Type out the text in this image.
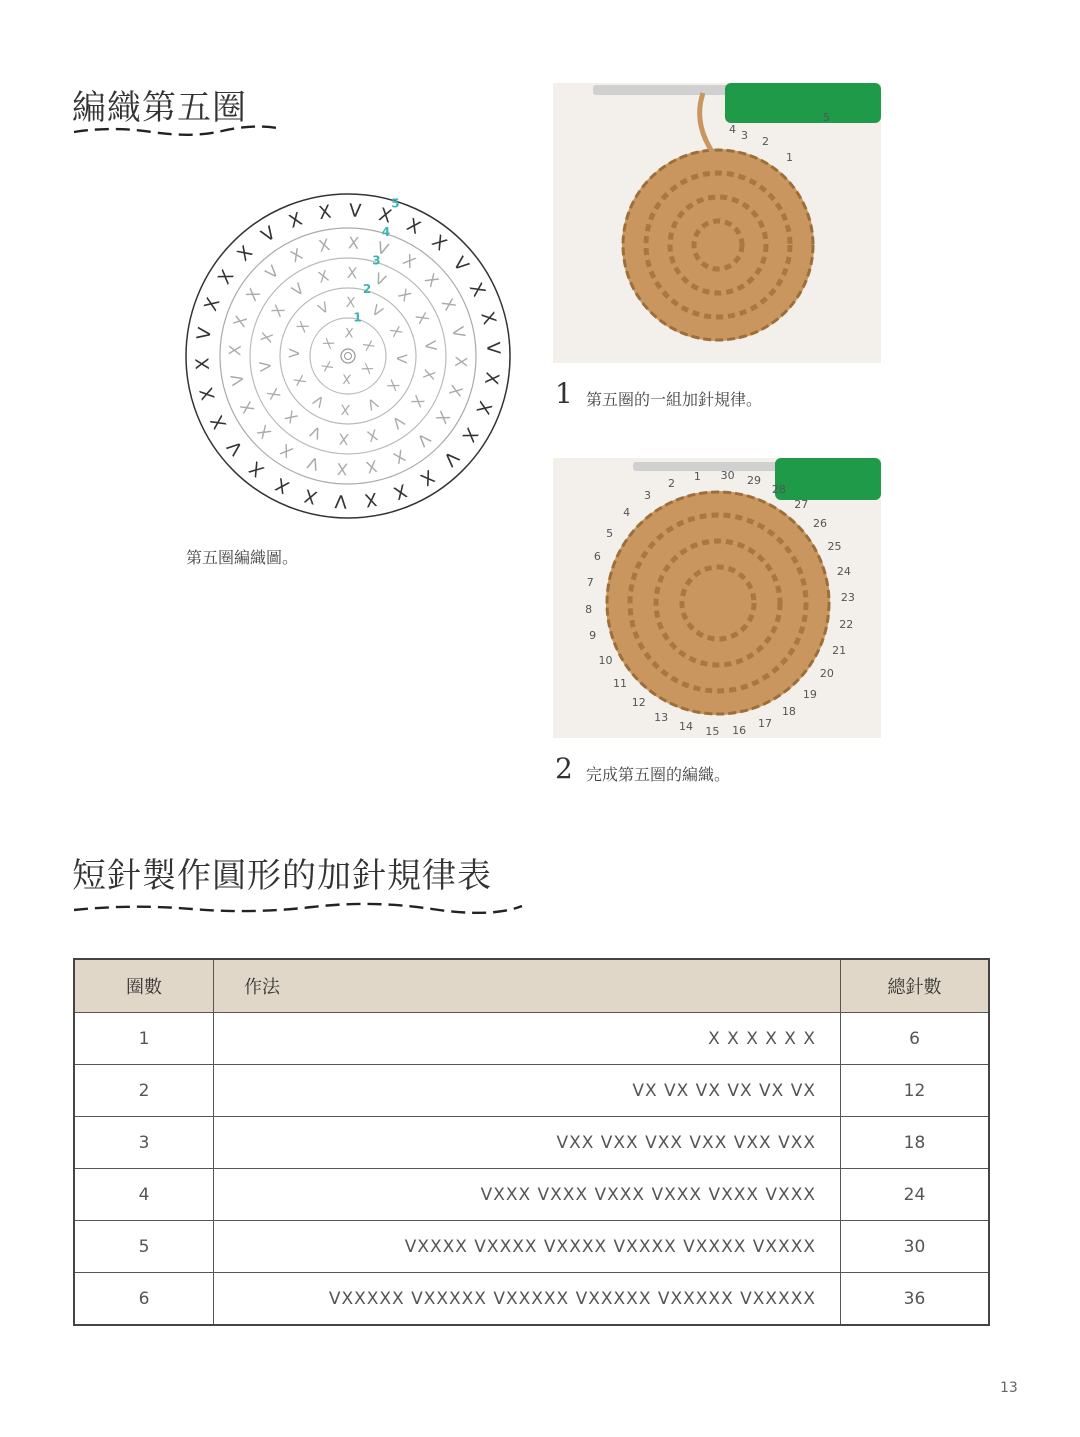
編織第五圈
V X X
X
V
X
X
V
X
X
X
V
X
X
X
V
X
X
X
V
X
X
X
V
X
X
X
V
X X
X V
X
X
X
V
X
X
X
V
X
X
X
V
X
X
X
V
X
X
X
V
X X
X V
X
X
V
X
X
V
X
X
V
X
X
V
X
X
V
X
X V
X
V
X
V
X
V
X
V
X
V
X
X
X
X
X
X
1
2
3
4
5
第五圈編織圖。
5
4 3 2
1
1 第五圈的一組加針規律。
1
2
3
4
5
6
7
8
9
10
11
12
13
14 15 16
17
18
19
20
21
22
23
24
25
26
27
28
29
30
2 完成第五圈的編織。
短針製作圓形的加針規律表
圈數	作法	總針數
1	X X X X X X	6
2	VX VX VX VX VX VX	12
3	VXX VXX VXX VXX VXX VXX	18
4	VXXX VXXX VXXX VXXX VXXX VXXX	24
5	VXXXX VXXXX VXXXX VXXXX VXXXX VXXXX	30
6	VXXXXX VXXXXX VXXXXX VXXXXX VXXXXX VXXXXX	36
13
